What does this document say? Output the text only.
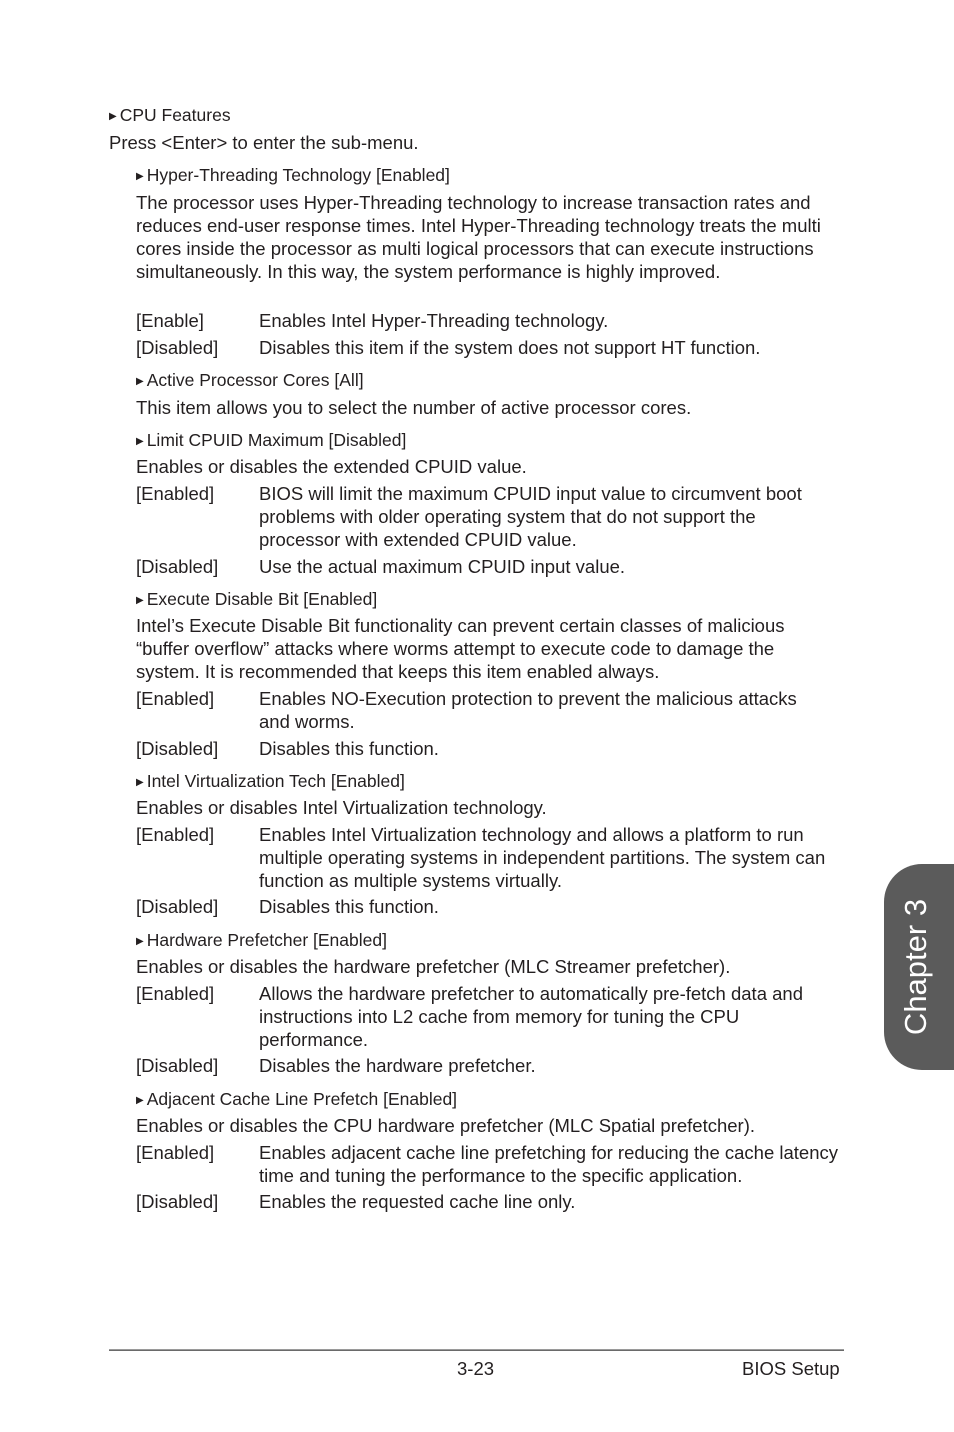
▶ CPU Features
Press <Enter> to enter the sub-menu.
▶ Hyper-Threading Technology [Enabled]
The processor uses Hyper-Threading technology to increase transaction rates and reduces end-user response times. Intel Hyper-Threading technology treats the multi cores inside the processor as multi logical processors that can execute instructions simultaneously. In this way, the system performance is highly improved.
[Enable]	Enables Intel Hyper-Threading technology.
[Disabled] Disables this item if the system does not support HT function.
▶ Active Processor Cores [All]
This item allows you to select the number of active processor cores.
▶ Limit CPUID Maximum [Disabled]
Enables or disables the extended CPUID value.
[Enabled] BIOS will limit the maximum CPUID input value to circumvent boot problems with older operating system that do not support the processor with extended CPUID value.
[Disabled] Use the actual maximum CPUID input value.
▶ Execute Disable Bit [Enabled]
Intel’s Execute Disable Bit functionality can prevent certain classes of malicious “buffer overflow” attacks where worms attempt to execute code to damage the system. It is recommended that keeps this item enabled always.
[Enabled] Enables NO-Execution protection to prevent the malicious attacks and worms.
[Disabled] Disables this function.
▶ Intel Virtualization Tech [Enabled]
Enables or disables Intel Virtualization technology.
[Enabled] Enables Intel Virtualization technology and allows a platform to run multiple operating systems in independent partitions. The system can function as multiple systems virtually.
[Disabled] Disables this function.
▶ Hardware Prefetcher [Enabled]
Enables or disables the hardware prefetcher (MLC Streamer prefetcher).
[Enabled] Allows the hardware prefetcher to automatically pre-fetch data and instructions into L2 cache from memory for tuning the CPU performance.
[Disabled] Disables the hardware prefetcher.
▶ Adjacent Cache Line Prefetch [Enabled]
Enables or disables the CPU hardware prefetcher (MLC Spatial prefetcher).
[Enabled] Enables adjacent cache line prefetching for reducing the cache latency time and tuning the performance to the specific application.
[Disabled] Enables the requested cache line only.
Chapter 3
3-23	BIOS Setup
